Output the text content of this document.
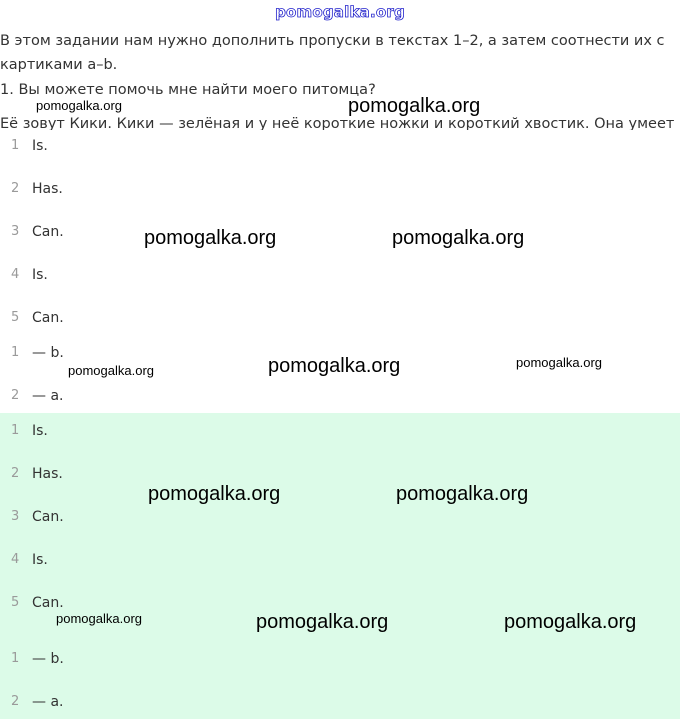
pomogalka.org

В этом задании нам нужно дополнить пропуски в текстах 1–2, а затем соотнести их с
картиками a–b.

1. Вы можете помочь мне найти моего питомца?
Её зовут Кики. Кики — зелёная и у неё короткие ножки и короткий хвостик. Она умеет
1 Is.
2 Has.
3 Can.
4 Is.
5 Can.
1 — b.
2 — a.
1 Is.
2 Has.
3 Can.
4 Is.
5 Can.
1 — b.
2 — a.
pomogalka.org	pomogalka.org
pomogalka.org	pomogalka.org
pomogalka.org	pomogalka.org	pomogalka.org
pomogalka.org	pomogalka.org
pomogalka.org	pomogalka.org	pomogalka.org
